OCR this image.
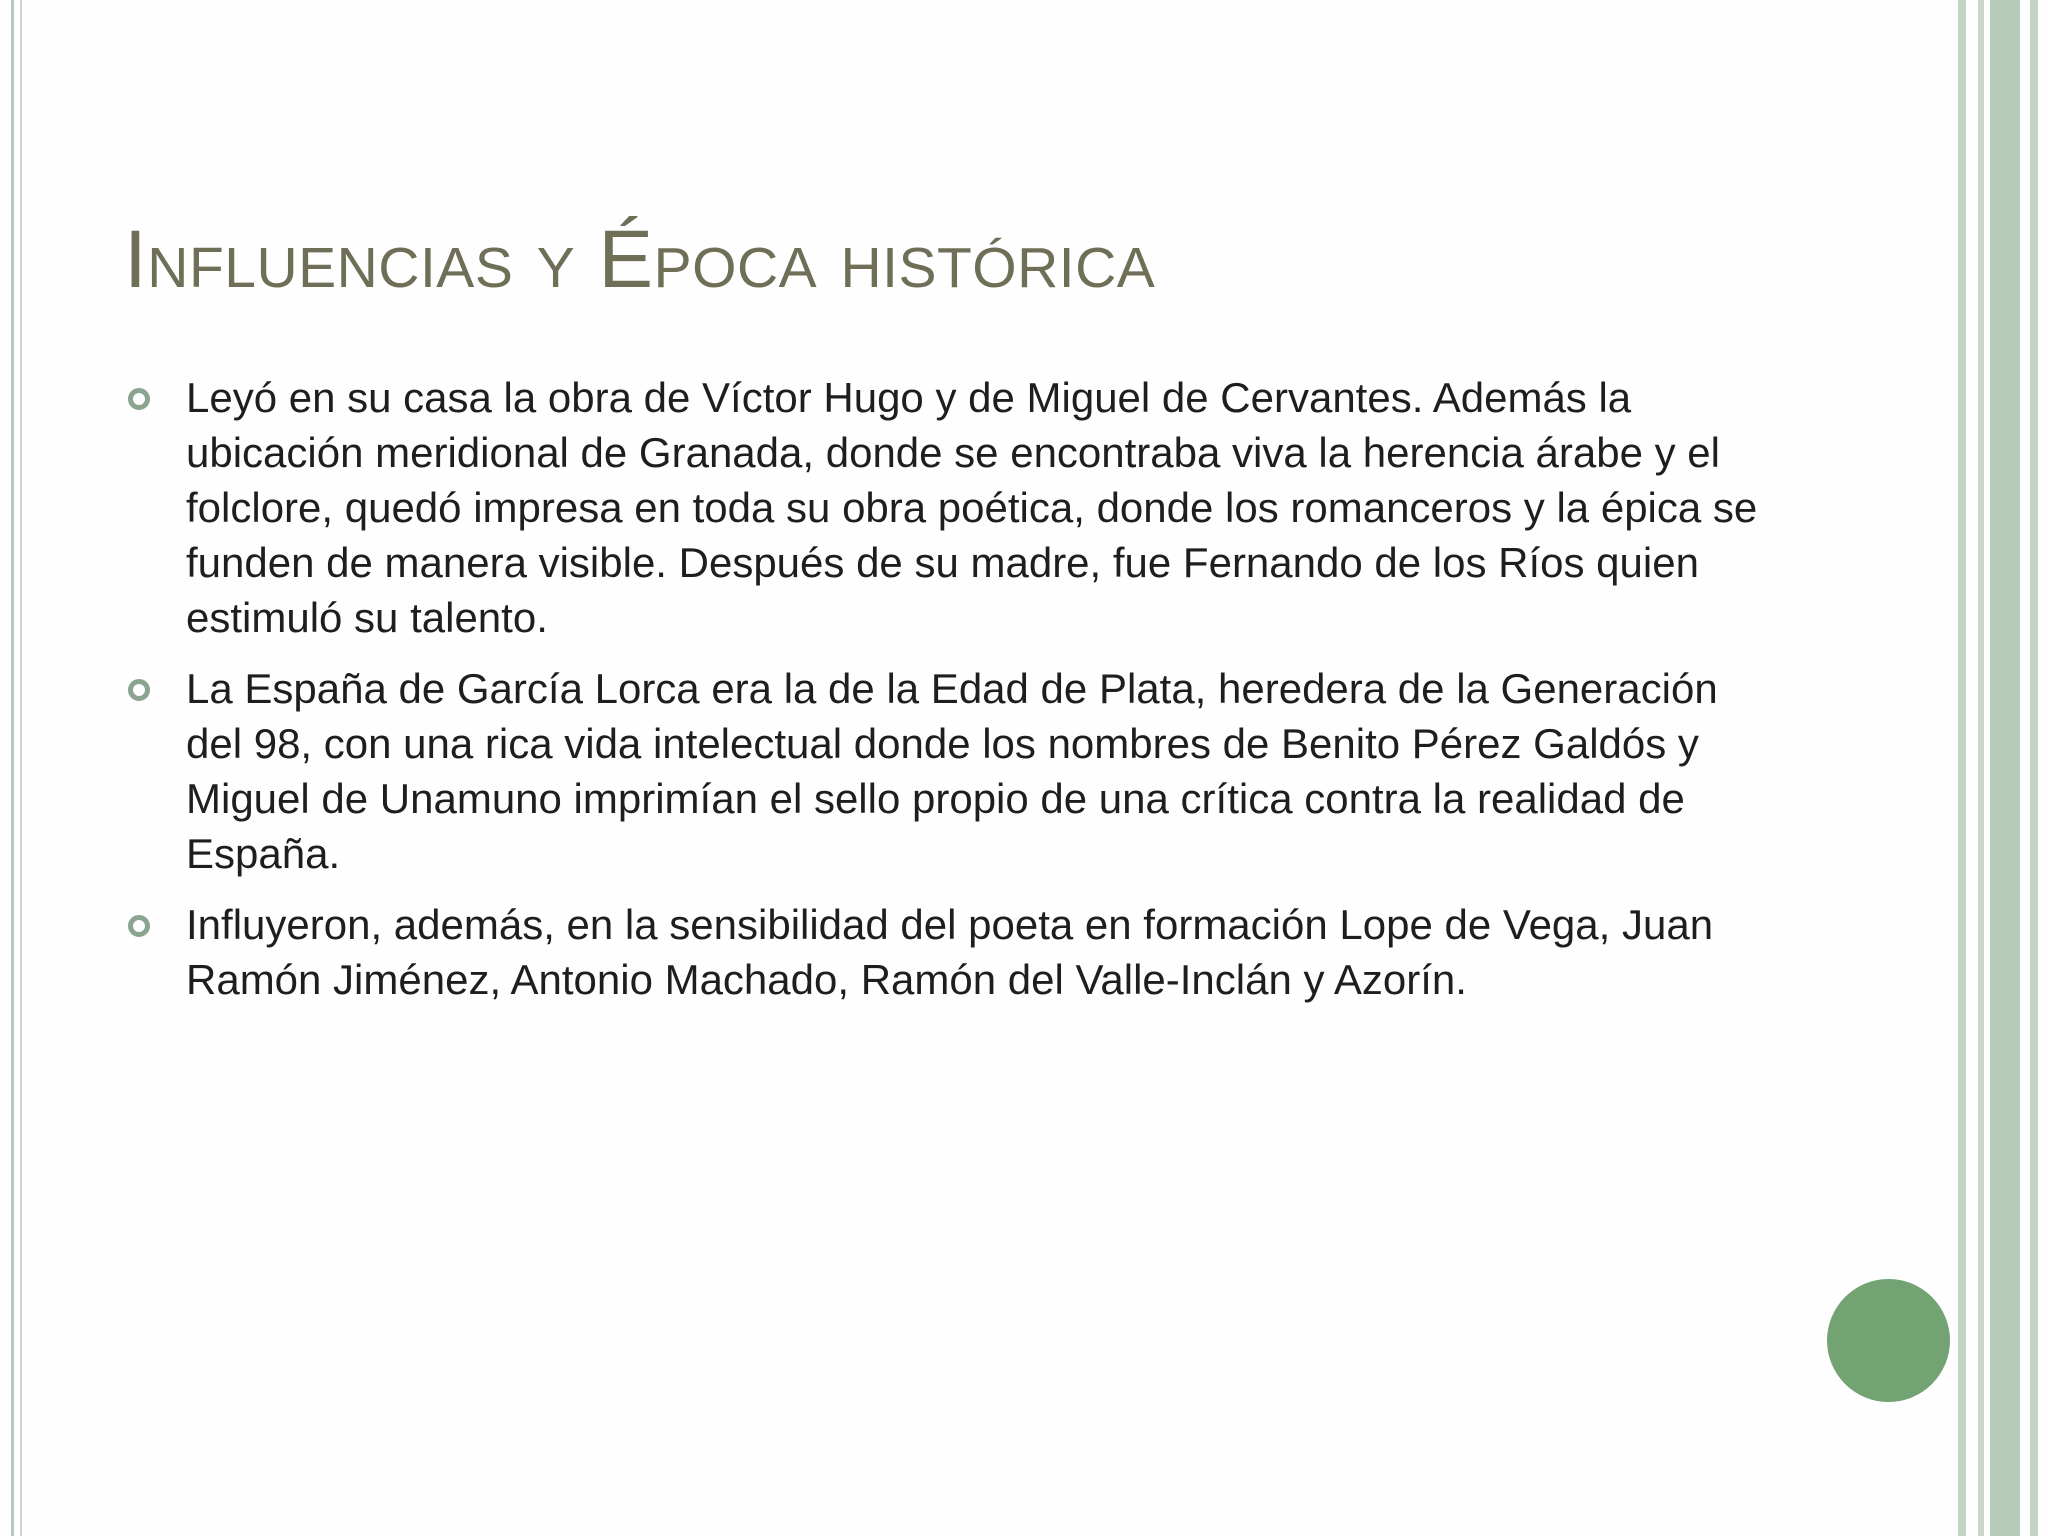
Influencias y Época histórica
Leyó en su casa la obra de Víctor Hugo y de Miguel de Cervantes. Además la ubicación meridional de Granada, donde se encontraba viva la herencia árabe y el folclore, quedó impresa en toda su obra poética, donde los romanceros y la épica se funden de manera visible. Después de su madre, fue Fernando de los Ríos quien estimuló su talento.
La España de García Lorca era la de la Edad de Plata, heredera de la Generación del 98, con una rica vida intelectual donde los nombres de Benito Pérez Galdós y Miguel de Unamuno imprimían el sello propio de una crítica contra la realidad de España.
Influyeron, además, en la sensibilidad del poeta en formación Lope de Vega, Juan Ramón Jiménez, Antonio Machado, Ramón del Valle-Inclán y Azorín.
